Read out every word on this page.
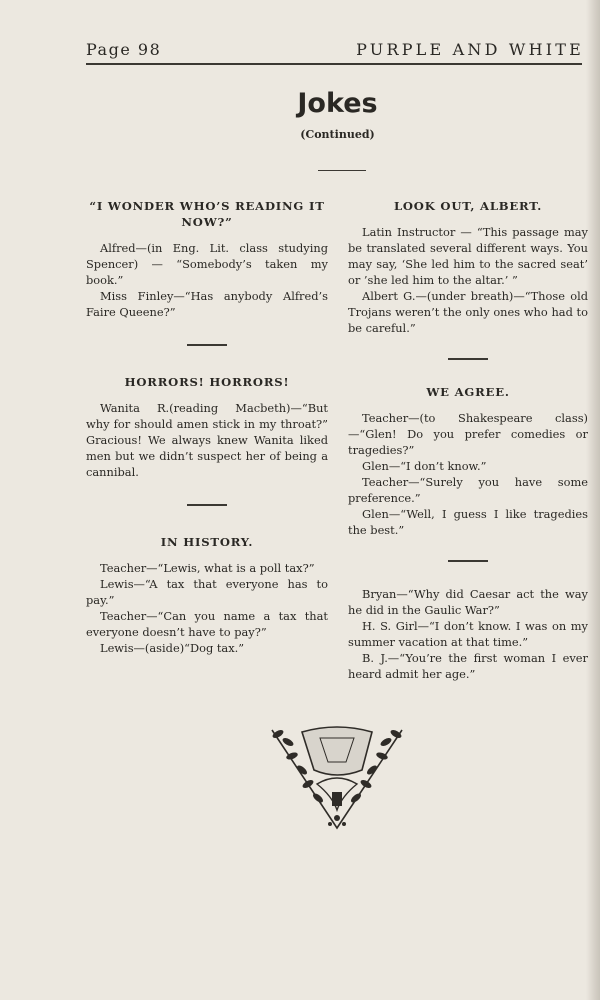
Page 98	PURPLE AND WHITE
Jokes
(Continued)
“I WONDER WHO’S READING IT NOW?”

Alfred—(in Eng. Lit. class studying Spencer) — “Somebody’s taken my book.”

Miss Finley—“Has anybody Alfred’s Faire Queene?”

HORRORS! HORRORS!

Wanita R.(reading Macbeth)—“But why for should amen stick in my throat?” Gracious! We always knew Wanita liked men but we didn’t suspect her of being a cannibal.

IN HISTORY.

Teacher—“Lewis, what is a poll tax?”

Lewis—“A tax that everyone has to pay.”

Teacher—“Can you name a tax that everyone doesn’t have to pay?”

Lewis—(aside)“Dog tax.”

LOOK OUT, ALBERT.

Latin Instructor — “This passage may be translated several different ways. You may say, ‘She led him to the sacred seat’ or ’she led him to the altar.’ ”

Albert G.—(under breath)—“Those old Trojans weren’t the only ones who had to be careful.”

WE AGREE.

Teacher—(to Shakespeare class)—“Glen! Do you prefer comedies or tragedies?”

Glen—“I don’t know.”

Teacher—“Surely you have some preference.”

Glen—“Well, I guess I like tragedies the best.”

Bryan—“Why did Caesar act the way he did in the Gaulic War?”

H. S. Girl—“I don’t know. I was on my summer vacation at that time.”

B. J.—“You’re the first woman I ever heard admit her age.”
